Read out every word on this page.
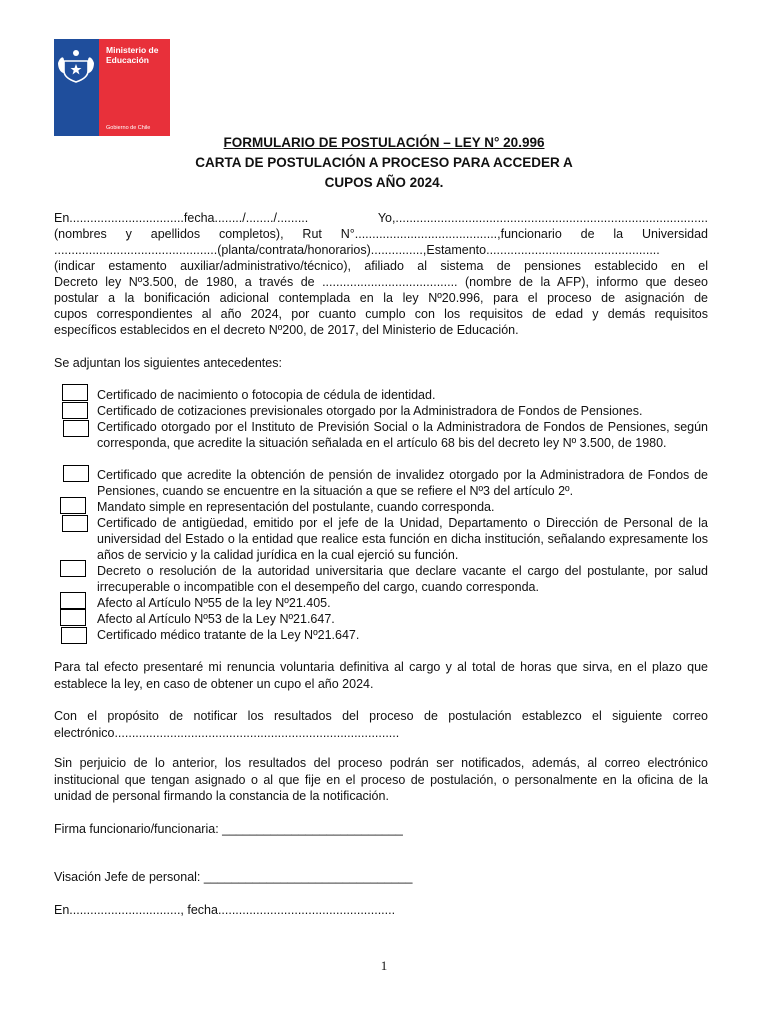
Ministerio de
Educación
Gobierno de Chile
FORMULARIO DE POSTULACIÓN – LEY N° 20.996
CARTA DE POSTULACIÓN A PROCESO PARA ACCEDER A
CUPOS AÑO 2024.
En.................................fecha......../......../......... Yo,..........................................................................................
(nombres y apellidos completos), Rut N°.........................................,funcionario de la Universidad
...............................................(planta/contrata/honorarios)...............,Estamento..................................................
(indicar estamento auxiliar/administrativo/técnico), afiliado al sistema de pensiones establecido en el
Decreto ley Nº3.500, de 1980, a través de ....................................... (nombre de la AFP), informo que deseo
postular a la bonificación adicional contemplada en la ley Nº20.996, para el proceso de asignación de
cupos correspondientes al año 2024, por cuanto cumplo con los requisitos de edad y demás requisitos
específicos establecidos en el decreto Nº200, de 2017, del Ministerio de Educación.
Se adjuntan los siguientes antecedentes:
Certificado de nacimiento o fotocopia de cédula de identidad.
Certificado de cotizaciones previsionales otorgado por la Administradora de Fondos de Pensiones.
Certificado otorgado por el Instituto de Previsión Social o la Administradora de Fondos de Pensiones, según corresponda, que acredite la situación señalada en el artículo 68 bis del decreto ley Nº 3.500, de 1980.
Certificado que acredite la obtención de pensión de invalidez otorgado por la Administradora de Fondos de Pensiones, cuando se encuentre en la situación a que se refiere el Nº3 del artículo 2º.
Mandato simple en representación del postulante, cuando corresponda.
Certificado de antigüedad, emitido por el jefe de la Unidad, Departamento o Dirección de Personal de la universidad del Estado o la entidad que realice esta función en dicha institución, señalando expresamente los años de servicio y la calidad jurídica en la cual ejerció su función.
Decreto o resolución de la autoridad universitaria que declare vacante el cargo del postulante, por salud irrecuperable o incompatible con el desempeño del cargo, cuando corresponda.
Afecto al Artículo Nº55 de la ley Nº21.405.
Afecto al Artículo Nº53 de la Ley Nº21.647.
Certificado médico tratante de la Ley Nº21.647.
Para tal efecto presentaré mi renuncia voluntaria definitiva al cargo y al total de horas que sirva, en el plazo que establece la ley, en caso de obtener un cupo el año 2024.
Con el propósito de notificar los resultados del proceso de postulación establezco el siguiente correo electrónico..................................................................................
Sin perjuicio de lo anterior, los resultados del proceso podrán ser notificados, además, al correo electrónico institucional que tengan asignado o al que fije en el proceso de postulación, o personalmente en la oficina de la unidad de personal firmando la constancia de la notificación.
Firma funcionario/funcionaria: __________________________
Visación Jefe de personal: ______________________________
En................................, fecha...................................................
1
